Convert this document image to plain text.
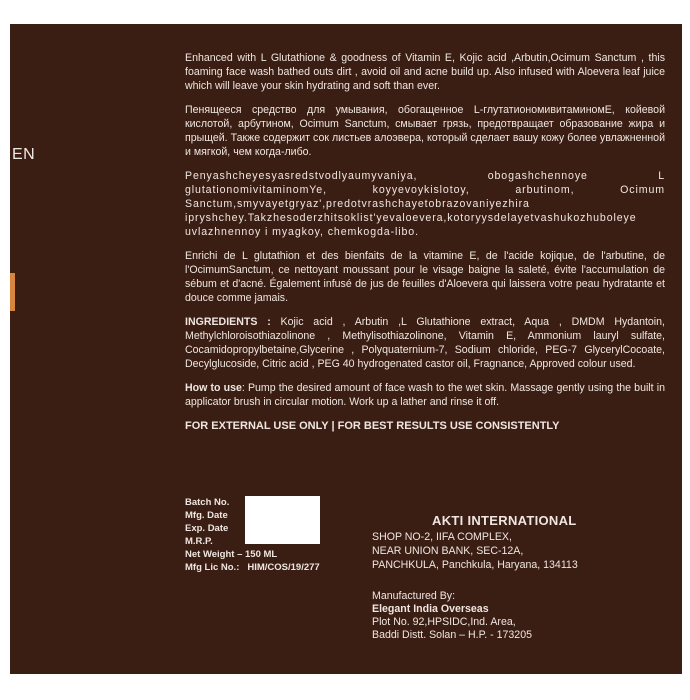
EN

Enhanced with L Glutathione & goodness of Vitamin E, Kojic acid ,Arbutin,Ocimum Sanctum , this foaming face wash bathed outs dirt , avoid oil and acne build up. Also infused with Aloevera leaf juice which will leave your skin hydrating and soft than ever.

Пенящееся средство для умывания, обогащенное L-глутатиономивитаминомЕ, койевой кислотой, арбутином, Ocimum Sanctum, смывает грязь, предотвращает образование жира и прыщей. Также содержит сок листьев алоэвера, который сделает вашу кожу более увлажненной и мягкой, чем когда-либо.

Penyashcheyesyasredstvodlyaumyvaniya, obogashchennoye L glutationomivitaminomYe, koyyevoykislotoy, arbutinom, Ocimum Sanctum,smyvayetgryaz',predotvrashchayetobrazovaniyezhira ipryshchey.Takzhesoderzhitsoklist'yevaloevera,kotoryysdelayetvashukozhuboleye uvlazhnennoy i myagkoy, chemkogda-libo.

Enrichi de L glutathion et des bienfaits de la vitamine E, de l'acide kojique, de l'arbutine, de l'OcimumSanctum, ce nettoyant moussant pour le visage baigne la saleté, évite l'accumulation de sébum et d'acné. Également infusé de jus de feuilles d'Aloevera qui laissera votre peau hydratante et douce comme jamais.

INGREDIENTS : Kojic acid , Arbutin ,L Glutathione extract, Aqua , DMDM Hydantoin, Methylchloroisothiazolinone , Methylisothiazolinone, Vitamin E, Ammonium lauryl sulfate, Cocamidopropylbetaine,Glycerine , Polyquaternium-7, Sodium chloride, PEG-7 GlycerylCocoate, Decylglucoside, Citric acid , PEG 40 hydrogenated castor oil, Fragnance, Approved colour used.

How to use: Pump the desired amount of face wash to the wet skin. Massage gently using the built in applicator brush in circular motion. Work up a lather and rinse it off.

FOR EXTERNAL USE ONLY | FOR BEST RESULTS USE CONSISTENTLY
Batch No.
Mfg. Date
Exp. Date
M.R.P.
Net Weight – 150 ML
Mfg Lic No.: HIM/COS/19/277
AKTI INTERNATIONAL
SHOP NO-2, IIFA COMPLEX,
NEAR UNION BANK, SEC-12A,
PANCHKULA, Panchkula, Haryana, 134113
Manufactured By:
Elegant India Overseas
Plot No. 92,HPSIDC,Ind. Area,
Baddi Distt. Solan – H.P. - 173205
